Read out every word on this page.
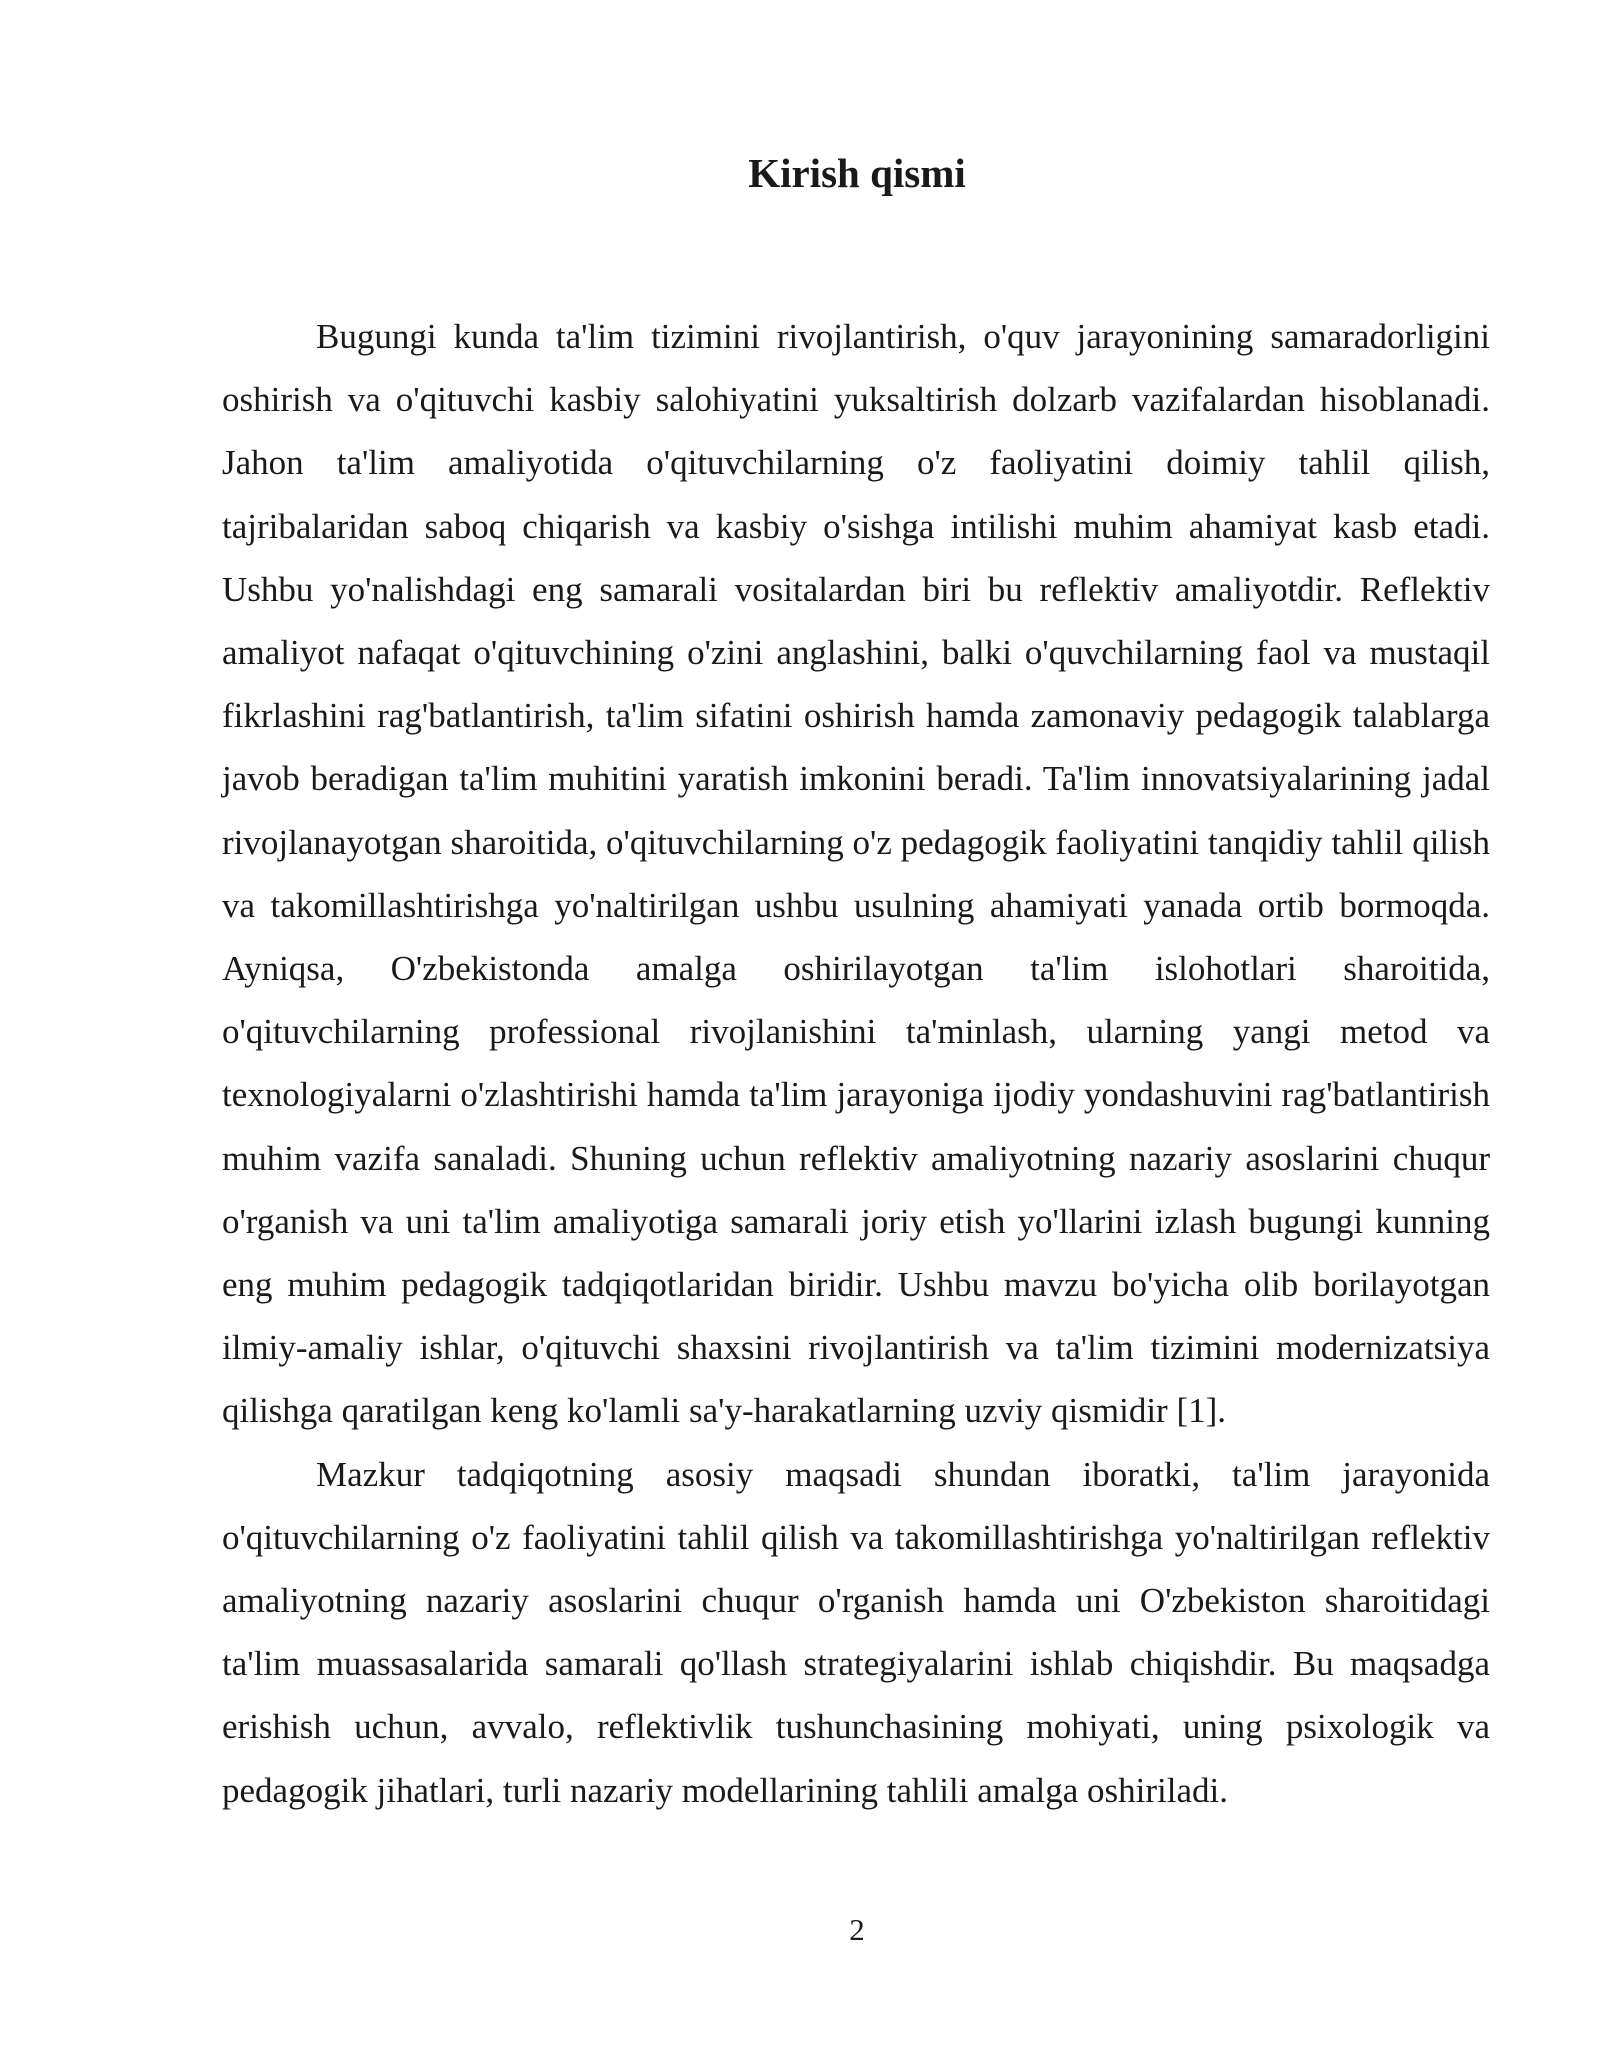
Kirish qismi

Bugungi kunda ta'lim tizimini rivojlantirish, o'quv jarayonining samaradorligini oshirish va o'qituvchi kasbiy salohiyatini yuksaltirish dolzarb vazifalardan hisoblanadi. Jahon ta'lim amaliyotida o'qituvchilarning o'z faoliyatini doimiy tahlil qilish, tajribalaridan saboq chiqarish va kasbiy o'sishga intilishi muhim ahamiyat kasb etadi. Ushbu yo'nalishdagi eng samarali vositalardan biri bu reflektiv amaliyotdir. Reflektiv amaliyot nafaqat o'qituvchining o'zini anglashini, balki o'quvchilarning faol va mustaqil fikrlashini rag'batlantirish, ta'lim sifatini oshirish hamda zamonaviy pedagogik talablarga javob beradigan ta'lim muhitini yaratish imkonini beradi. Ta'lim innovatsiyalarining jadal rivojlanayotgan sharoitida, o'qituvchilarning o'z pedagogik faoliyatini tanqidiy tahlil qilish va takomillashtirishga yo'naltirilgan ushbu usulning ahamiyati yanada ortib bormoqda. Ayniqsa, O'zbekistonda amalga oshirilayotgan ta'lim islohotlari sharoitida, o'qituvchilarning professional rivojlanishini ta'minlash, ularning yangi metod va texnologiyalarni o'zlashtirishi hamda ta'lim jarayoniga ijodiy yondashuvini rag'batlantirish muhim vazifa sanaladi. Shuning uchun reflektiv amaliyotning nazariy asoslarini chuqur o'rganish va uni ta'lim amaliyotiga samarali joriy etish yo'llarini izlash bugungi kunning eng muhim pedagogik tadqiqotlaridan biridir. Ushbu mavzu bo'yicha olib borilayotgan ilmiy-amaliy ishlar, o'qituvchi shaxsini rivojlantirish va ta'lim tizimini modernizatsiya qilishga qaratilgan keng ko'lamli sa'y-harakatlarning uzviy qismidir [1].

Mazkur tadqiqotning asosiy maqsadi shundan iboratki, ta'lim jarayonida o'qituvchilarning o'z faoliyatini tahlil qilish va takomillashtirishga yo'naltirilgan reflektiv amaliyotning nazariy asoslarini chuqur o'rganish hamda uni O'zbekiston sharoitidagi ta'lim muassasalarida samarali qo'llash strategiyalarini ishlab chiqishdir. Bu maqsadga erishish uchun, avvalo, reflektivlik tushunchasining mohiyati, uning psixologik va pedagogik jihatlari, turli nazariy modellarining tahlili amalga oshiriladi.

2
